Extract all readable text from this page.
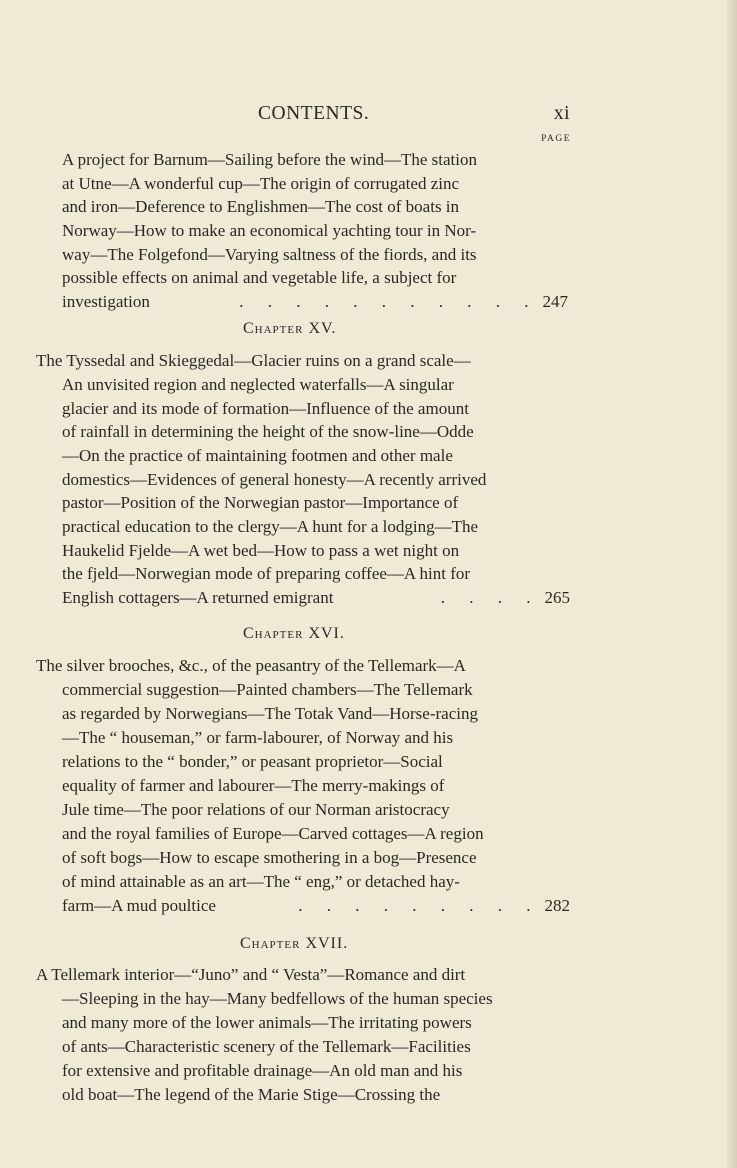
CONTENTS.	xi
PAGE
A project for Barnum—Sailing before the wind—The station
at Utne—A wonderful cup—The origin of corrugated zinc
and iron—Deference to Englishmen—The cost of boats in
Norway—How to make an economical yachting tour in Nor-
way—The Folgefond—Varying saltness of the fiords, and its
possible effects on animal and vegetable life, a subject for
investigation	. . . . . . . . . . . 247
Chapter XV.
The Tyssedal and Skieggedal—Glacier ruins on a grand scale—
An unvisited region and neglected waterfalls—A singular
glacier and its mode of formation—Influence of the amount
of rainfall in determining the height of the snow-line—Odde
—On the practice of maintaining footmen and other male
domestics—Evidences of general honesty—A recently arrived
pastor—Position of the Norwegian pastor—Importance of
practical education to the clergy—A hunt for a lodging—The
Haukelid Fjelde—A wet bed—How to pass a wet night on
the fjeld—Norwegian mode of preparing coffee—A hint for
English cottagers—A returned emigrant	. . . . 265
Chapter XVI.
The silver brooches, &c., of the peasantry of the Tellemark—A
commercial suggestion—Painted chambers—The Tellemark
as regarded by Norwegians—The Totak Vand—Horse-racing
—The “ houseman,” or farm-labourer, of Norway and his
relations to the “ bonder,” or peasant proprietor—Social
equality of farmer and labourer—The merry-makings of
Jule time—The poor relations of our Norman aristocracy
and the royal families of Europe—Carved cottages—A region
of soft bogs—How to escape smothering in a bog—Presence
of mind attainable as an art—The “ eng,” or detached hay-
farm—A mud poultice	. . . . . . . . . 282
Chapter XVII.
A Tellemark interior—“Juno” and “ Vesta”—Romance and dirt
—Sleeping in the hay—Many bedfellows of the human species
and many more of the lower animals—The irritating powers
of ants—Characteristic scenery of the Tellemark—Facilities
for extensive and profitable drainage—An old man and his
old boat—The legend of the Marie Stige—Crossing the
